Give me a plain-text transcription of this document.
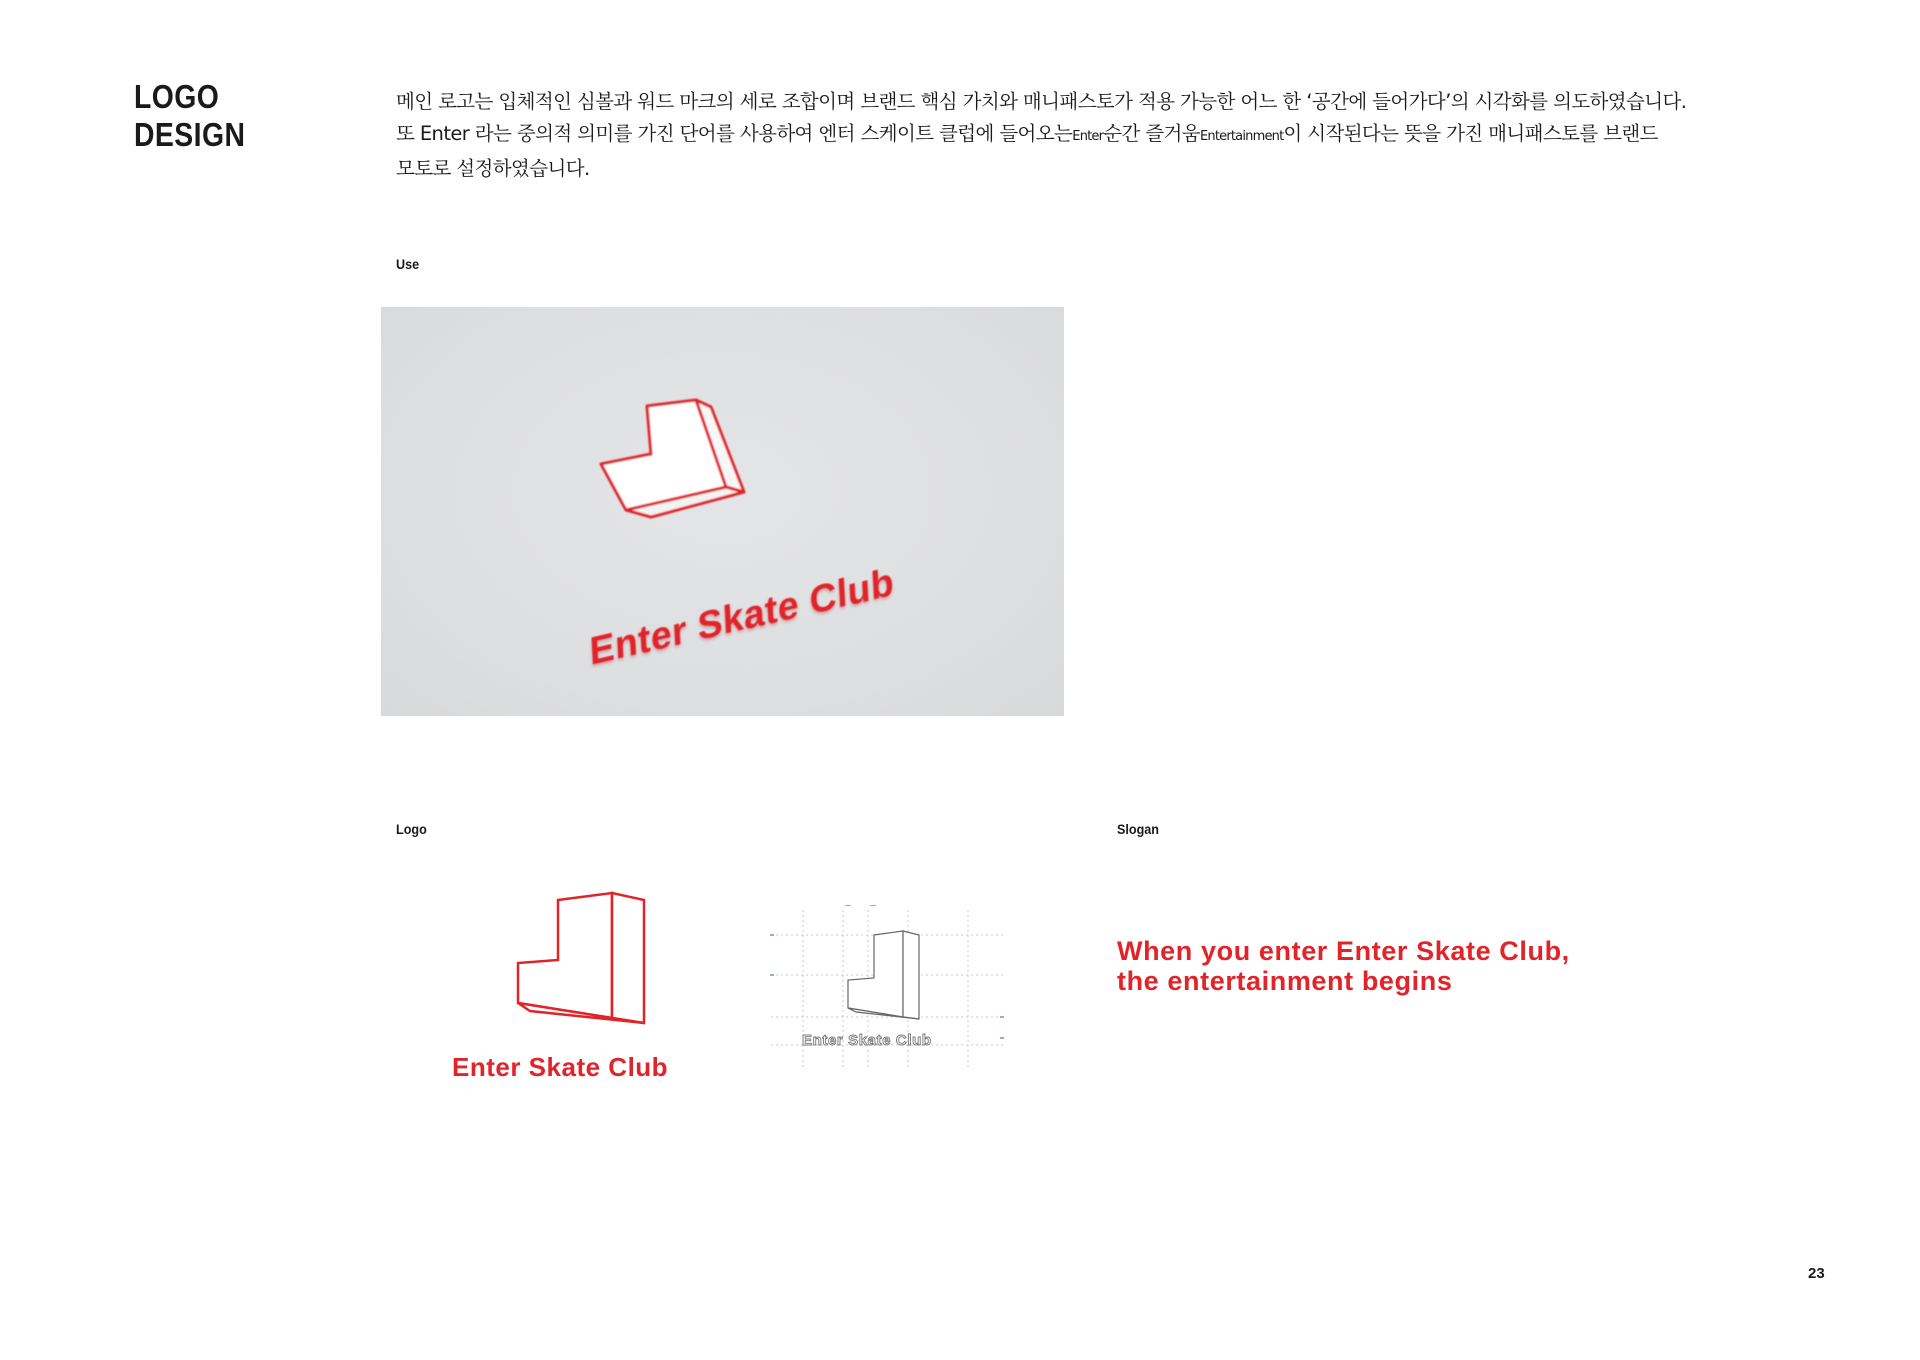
LOGO
DESIGN

메인 로고는 입체적인 심볼과 워드 마크의 세로 조합이며 브랜드 핵심 가치와 매니패스토가 적용 가능한 어느 한 ‘공간에 들어가다’의 시각화를 의도하였습니다.

또 Enter 라는 중의적 의미를 가진 단어를 사용하여 엔터 스케이트 클럽에 들어오는Enter순간 즐거움Entertainment이 시작된다는 뜻을 가진 매니패스토를 브랜드

모토로 설정하였습니다.

Use

Enter Skate Club

Logo

Enter Skate Club

Enter Skate Club

Slogan

When you enter Enter Skate Club,
the entertainment begins

23
